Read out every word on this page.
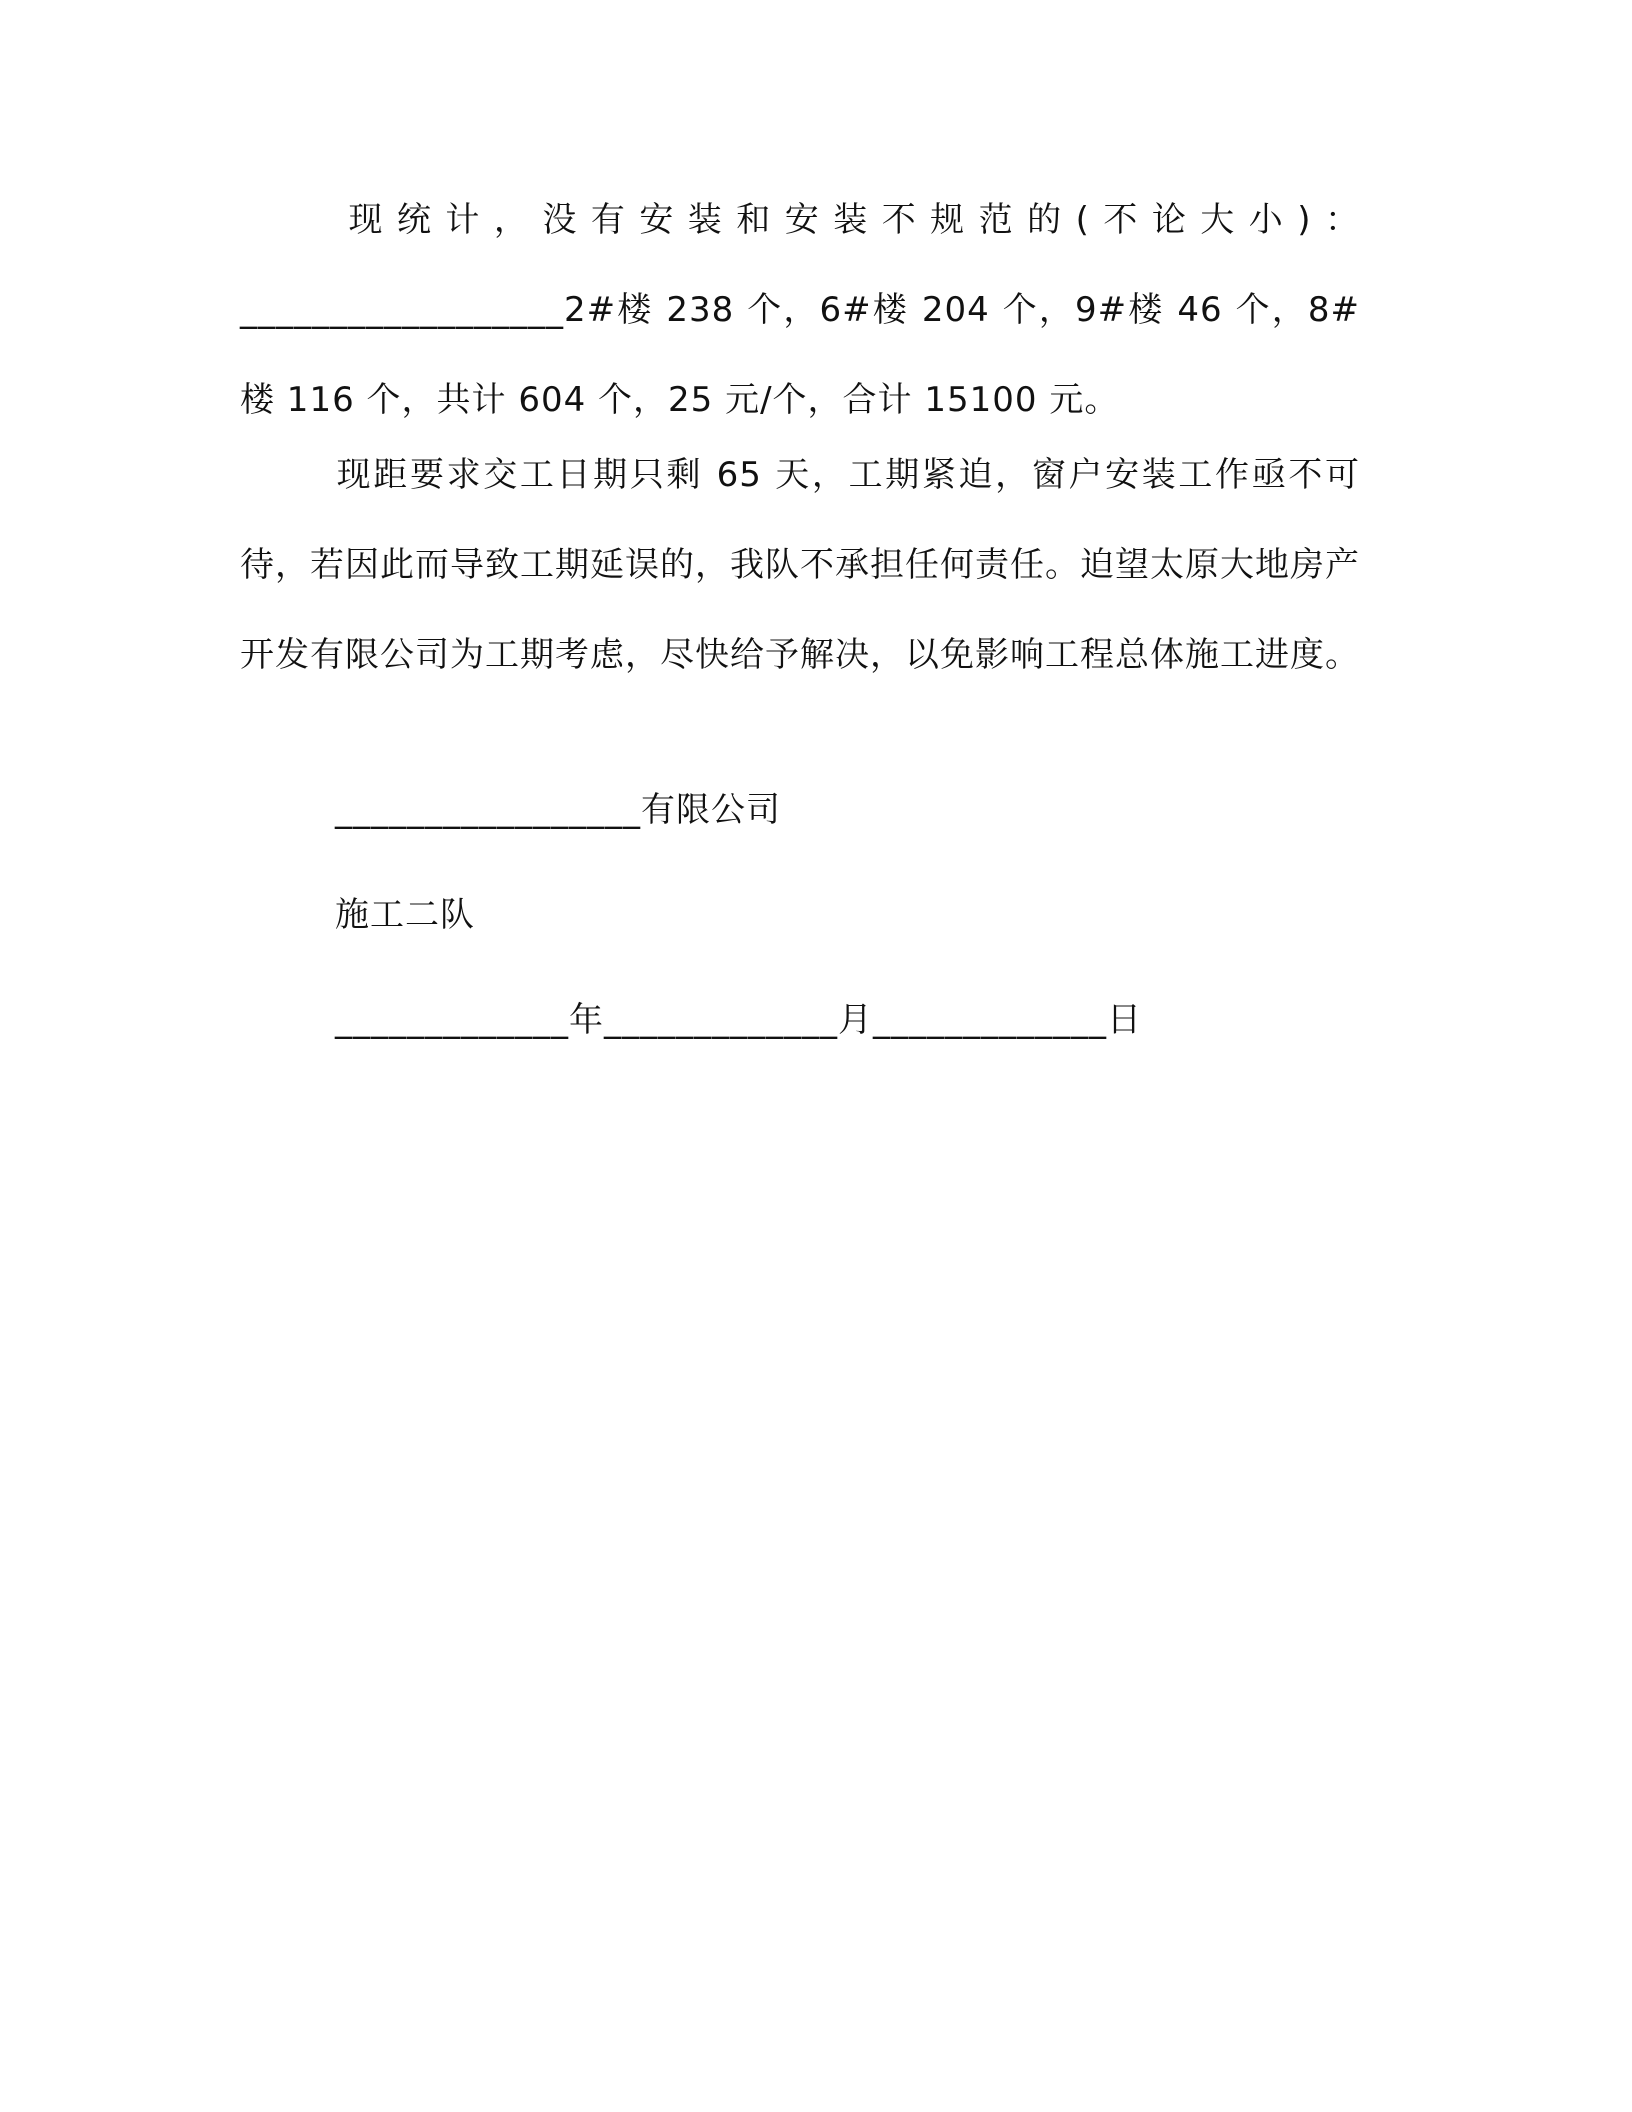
现统计，没有安装和安装不规范的(不论大小)：__________________2#楼 238 个，6#楼 204 个，9#楼 46 个，8#楼 116 个，共计 604 个，25 元/个，合计 15100 元。

现距要求交工日期只剩 65 天，工期紧迫，窗户安装工作亟不可待，若因此而导致工期延误的，我队不承担任何责任。迫望太原大地房产开发有限公司为工期考虑，尽快给予解决，以免影响工程总体施工进度。

_________________有限公司
施工二队
_____________年_____________月_____________日
